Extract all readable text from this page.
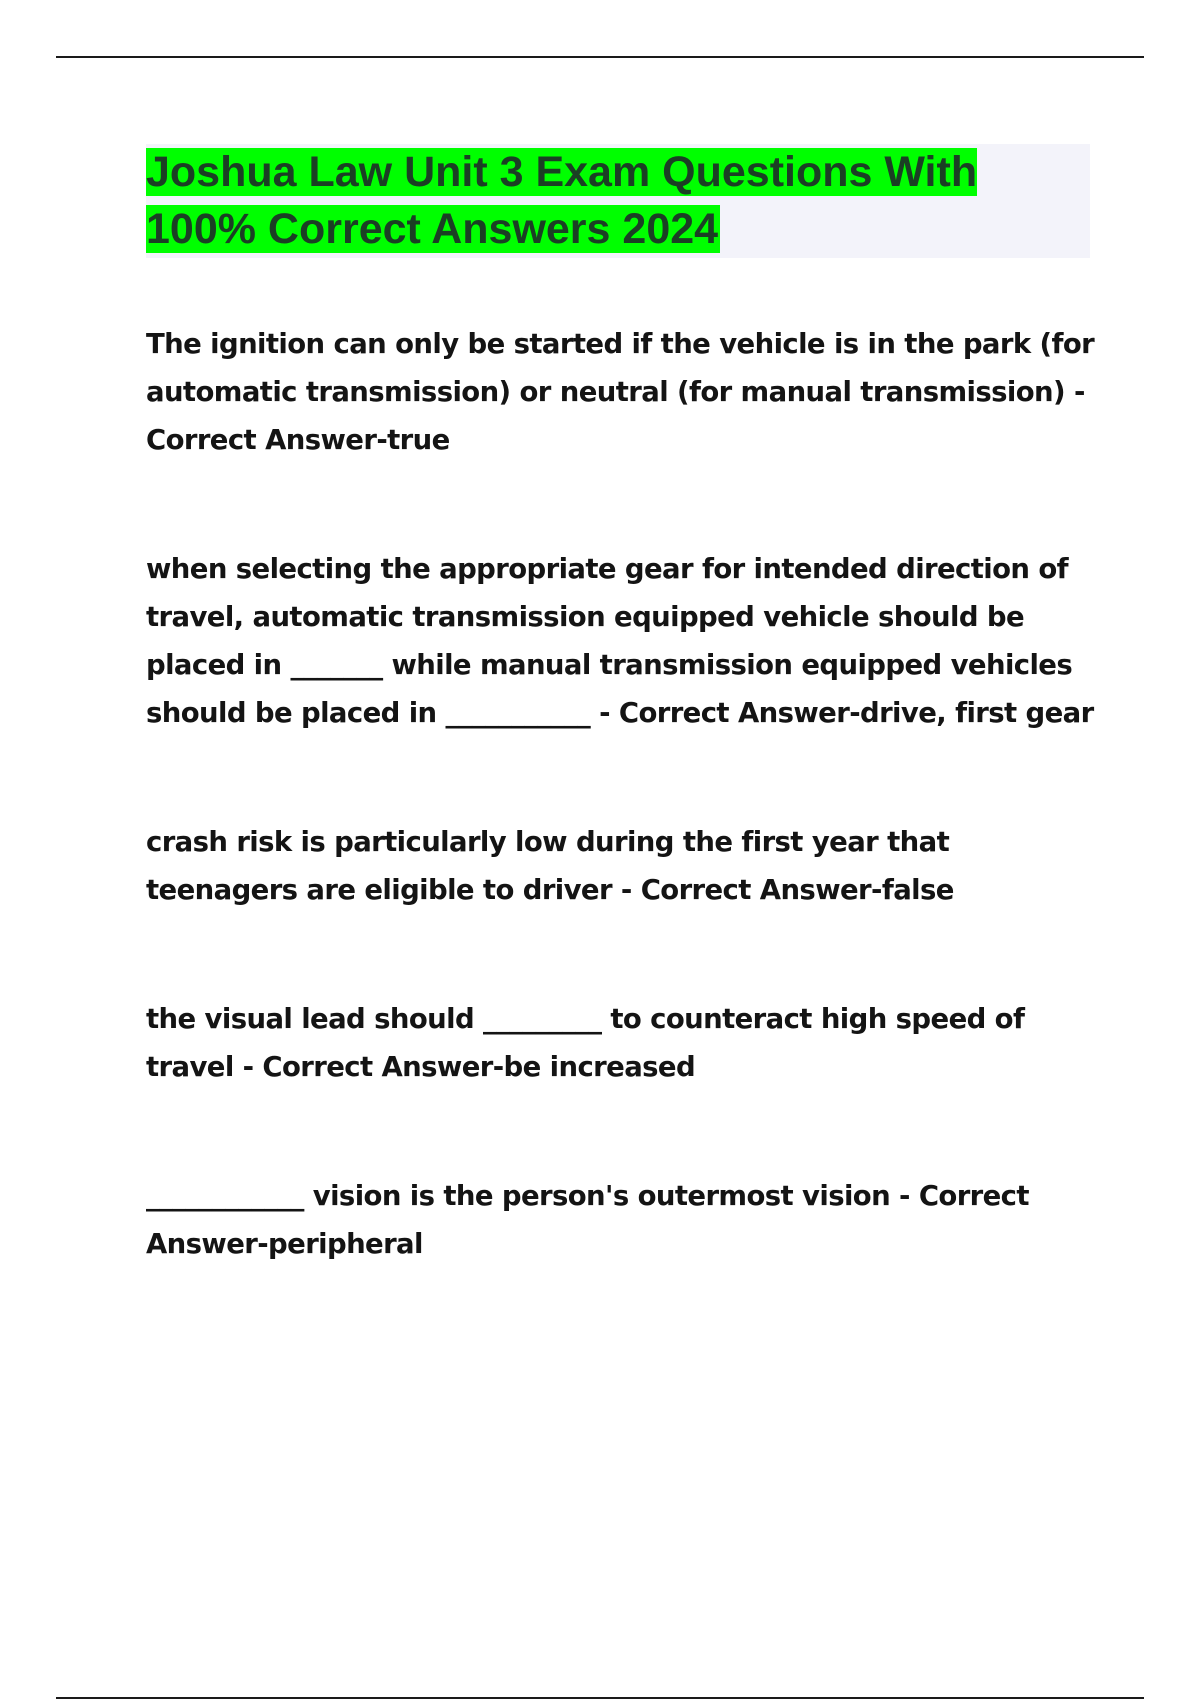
Joshua Law Unit 3 Exam Questions With 100% Correct Answers 2024

The ignition can only be started if the vehicle is in the park (for automatic transmission) or neutral (for manual transmission) - Correct Answer-true

when selecting the appropriate gear for intended direction of travel, automatic transmission equipped vehicle should be placed in _______ while manual transmission equipped vehicles should be placed in ___________ - Correct Answer-drive, first gear

crash risk is particularly low during the first year that teenagers are eligible to driver - Correct Answer-false

the visual lead should _________ to counteract high speed of travel - Correct Answer-be increased

____________ vision is the person's outermost vision - Correct Answer-peripheral
